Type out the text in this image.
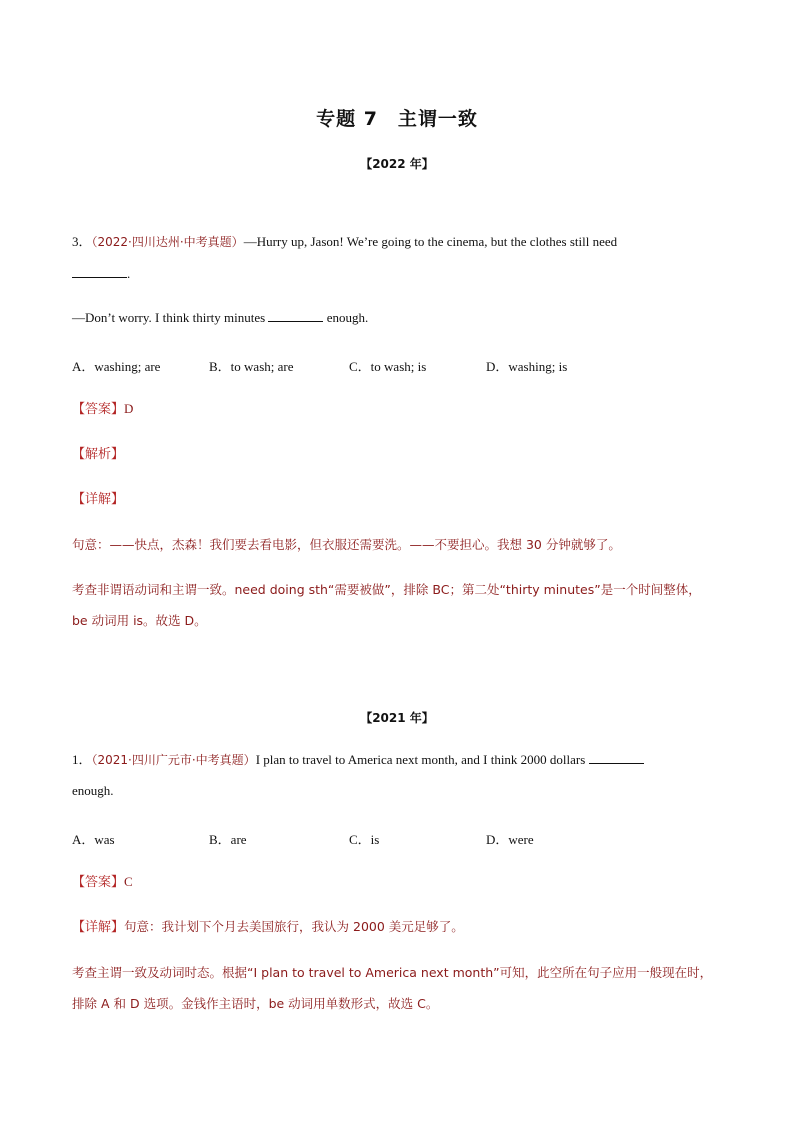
专题 7　主谓一致
【2022 年】
3．（2022·四川达州·中考真题）—Hurry up, Jason! We’re going to the cinema, but the clothes still need
.
—Don’t worry. I think thirty minutes	enough.
A．washing; are	B．to wash; are	C．to wash; is	D．washing; is
【答案】D
【解析】
【详解】
句意：——快点，杰森！我们要去看电影，但衣服还需要洗。——不要担心。我想 30 分钟就够了。
考查非谓语动词和主谓一致。need doing sth“需要被做”，排除 BC；第二处“thirty minutes”是一个时间整体，
be 动词用 is。故选 D。
【2021 年】
1．（2021·四川广元市·中考真题）I plan to travel to America next month, and I think 2000 dollars
enough.
A．was	B．are	C．is	D．were
【答案】C
【详解】句意：我计划下个月去美国旅行，我认为 2000 美元足够了。
考查主谓一致及动词时态。根据“I plan to travel to America next month”可知，此空所在句子应用一般现在时，
排除 A 和 D 选项。金钱作主语时，be 动词用单数形式，故选 C。
